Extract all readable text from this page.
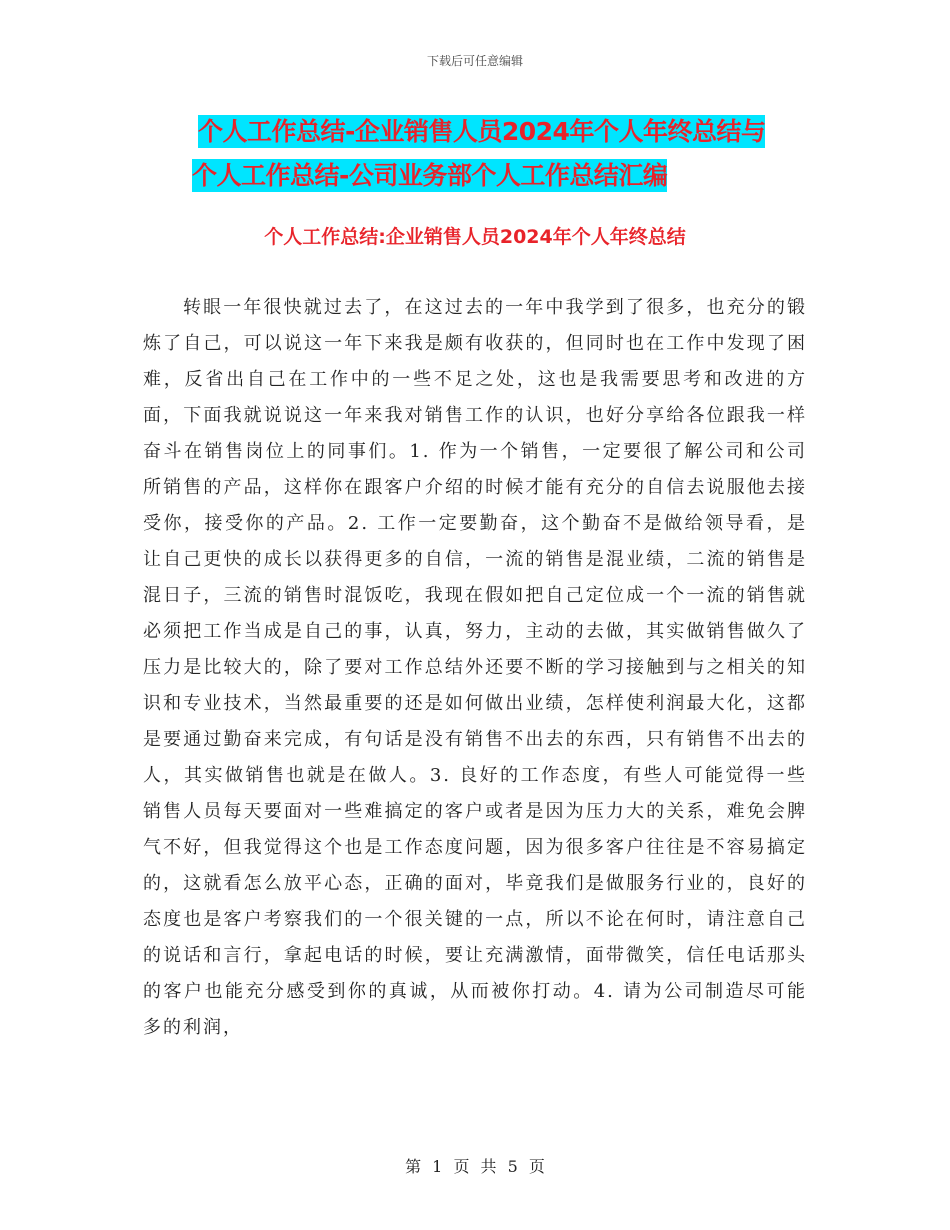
下载后可任意编辑
个人工作总结-企业销售人员2024年个人年终总结与
个人工作总结-公司业务部个人工作总结汇编
个人工作总结:企业销售人员2024年个人年终总结

转眼一年很快就过去了，在这过去的一年中我学到了很多，也充分的锻炼了自己，可以说这一年下来我是颇有收获的，但同时也在工作中发现了困难，反省出自己在工作中的一些不足之处，这也是我需要思考和改进的方面，下面我就说说这一年来我对销售工作的认识，也好分享给各位跟我一样奋斗在销售岗位上的同事们。1. 作为一个销售，一定要很了解公司和公司所销售的产品，这样你在跟客户介绍的时候才能有充分的自信去说服他去接受你，接受你的产品。2. 工作一定要勤奋，这个勤奋不是做给领导看，是让自己更快的成长以获得更多的自信，一流的销售是混业绩，二流的销售是混日子，三流的销售时混饭吃，我现在假如把自己定位成一个一流的销售就必须把工作当成是自己的事，认真，努力，主动的去做，其实做销售做久了压力是比较大的，除了要对工作总结外还要不断的学习接触到与之相关的知识和专业技术，当然最重要的还是如何做出业绩，怎样使利润最大化，这都是要通过勤奋来完成，有句话是没有销售不出去的东西，只有销售不出去的人，其实做销售也就是在做人。3. 良好的工作态度，有些人可能觉得一些销售人员每天要面对一些难搞定的客户或者是因为压力大的关系，难免会脾气不好，但我觉得这个也是工作态度问题，因为很多客户往往是不容易搞定的，这就看怎么放平心态，正确的面对，毕竟我们是做服务行业的，良好的态度也是客户考察我们的一个很关键的一点，所以不论在何时，请注意自己的说话和言行，拿起电话的时候，要让充满激情，面带微笑，信任电话那头的客户也能充分感受到你的真诚，从而被你打动。4. 请为公司制造尽可能多的利润，

第 1 页 共 5 页
